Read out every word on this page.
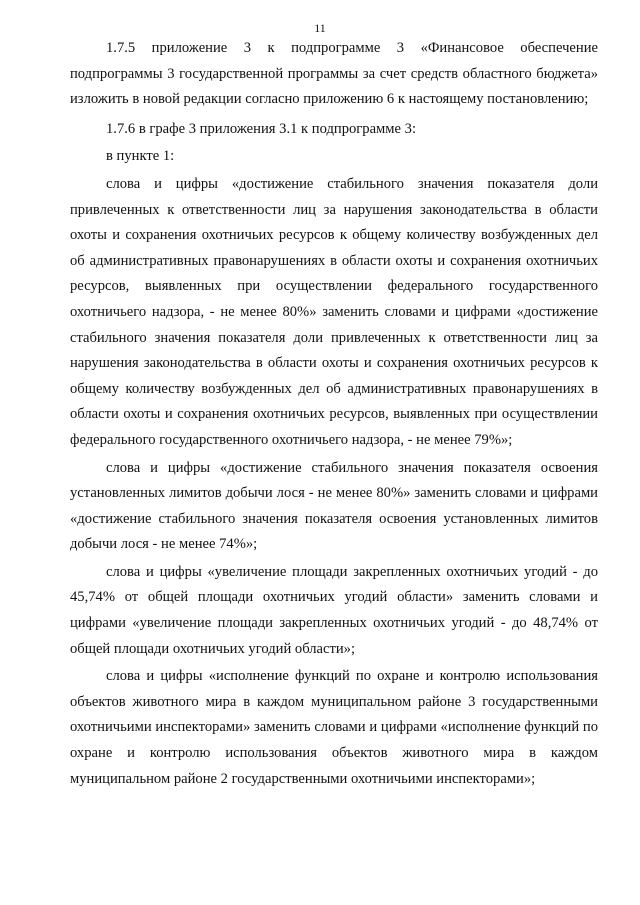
11

1.7.5 приложение 3 к подпрограмме 3 «Финансовое обеспечение подпрограммы 3 государственной программы за счет средств областного бюджета» изложить в новой редакции согласно приложению 6 к настоящему постановлению;

1.7.6 в графе 3 приложения 3.1 к подпрограмме 3:

в пункте 1:

слова и цифры «достижение стабильного значения показателя доли привлеченных к ответственности лиц за нарушения законодательства в области охоты и сохранения охотничьих ресурсов к общему количеству возбужденных дел об административных правонарушениях в области охоты и сохранения охотничьих ресурсов, выявленных при осуществлении федерального государственного охотничьего надзора, - не менее 80%» заменить словами и цифрами «достижение стабильного значения показателя доли привлеченных к ответственности лиц за нарушения законодательства в области охоты и сохранения охотничьих ресурсов к общему количеству возбужденных дел об административных правонарушениях в области охоты и сохранения охотничьих ресурсов, выявленных при осуществлении федерального государственного охотничьего надзора, - не менее 79%»;

слова и цифры «достижение стабильного значения показателя освоения установленных лимитов добычи лося - не менее 80%» заменить словами и цифрами «достижение стабильного значения показателя освоения установленных лимитов добычи лося - не менее 74%»;

слова и цифры «увеличение площади закрепленных охотничьих угодий - до 45,74% от общей площади охотничьих угодий области» заменить словами и цифрами «увеличение площади закрепленных охотничьих угодий - до 48,74% от общей площади охотничьих угодий области»;

слова и цифры «исполнение функций по охране и контролю использования объектов животного мира в каждом муниципальном районе 3 государственными охотничьими инспекторами» заменить словами и цифрами «исполнение функций по охране и контролю использования объектов животного мира в каждом муниципальном районе 2 государственными охотничьими инспекторами»;
